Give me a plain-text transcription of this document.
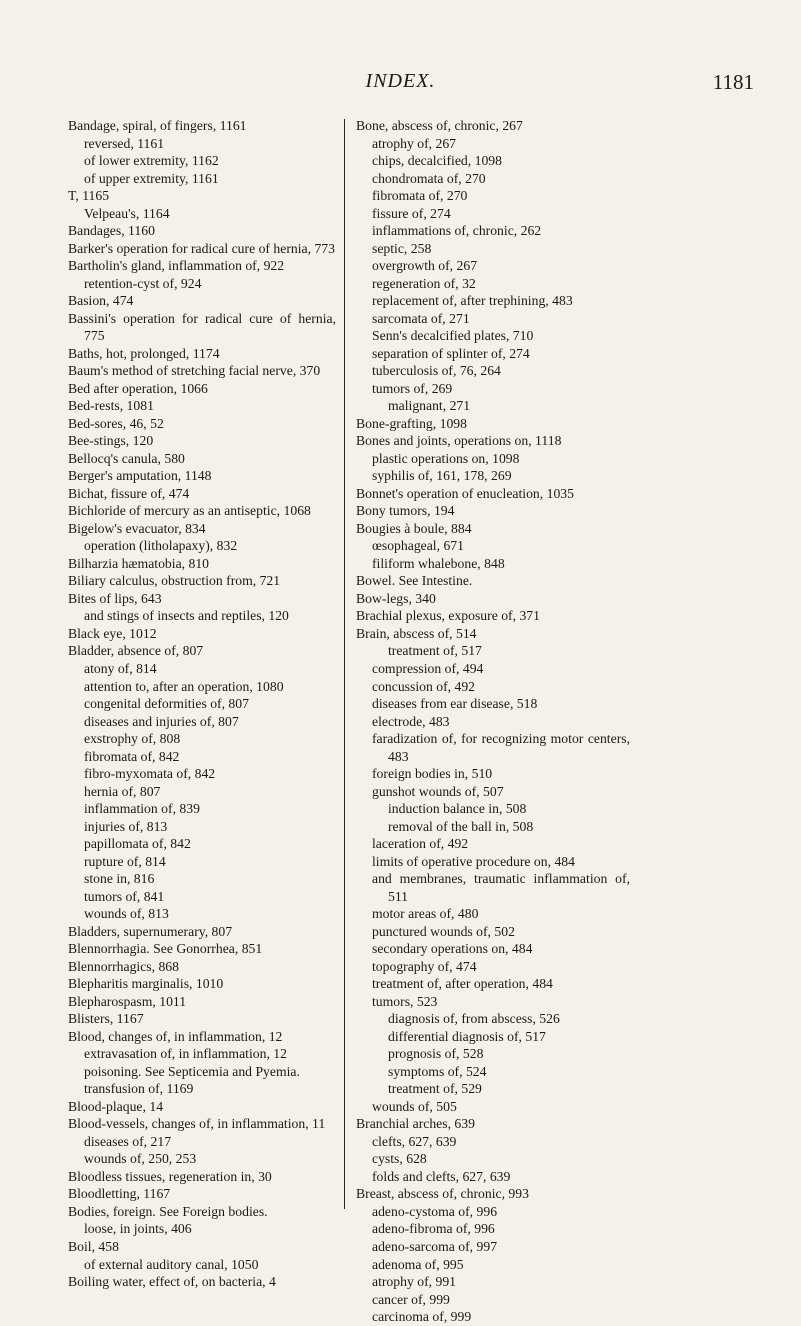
INDEX.	1181
Bandage, spiral, of fingers, 1161
reversed, 1161
of lower extremity, 1162
of upper extremity, 1161
T, 1165
Velpeau's, 1164
Bandages, 1160
Barker's operation for radical cure of hernia, 773
Bartholin's gland, inflammation of, 922
retention-cyst of, 924
Basion, 474
Bassini's operation for radical cure of hernia, 775
Baths, hot, prolonged, 1174
Baum's method of stretching facial nerve, 370
Bed after operation, 1066
Bed-rests, 1081
Bed-sores, 46, 52
Bee-stings, 120
Bellocq's canula, 580
Berger's amputation, 1148
Bichat, fissure of, 474
Bichloride of mercury as an antiseptic, 1068
Bigelow's evacuator, 834
operation (litholapaxy), 832
Bilharzia hæmatobia, 810
Biliary calculus, obstruction from, 721
Bites of lips, 643
and stings of insects and reptiles, 120
Black eye, 1012
Bladder, absence of, 807
atony of, 814
attention to, after an operation, 1080
congenital deformities of, 807
diseases and injuries of, 807
exstrophy of, 808
fibromata of, 842
fibro-myxomata of, 842
hernia of, 807
inflammation of, 839
injuries of, 813
papillomata of, 842
rupture of, 814
stone in, 816
tumors of, 841
wounds of, 813
Bladders, supernumerary, 807
Blennorrhagia. See Gonorrhea, 851
Blennorrhagics, 868
Blepharitis marginalis, 1010
Blepharospasm, 1011
Blisters, 1167
Blood, changes of, in inflammation, 12
extravasation of, in inflammation, 12
poisoning. See Septicemia and Pyemia.
transfusion of, 1169
Blood-plaque, 14
Blood-vessels, changes of, in inflammation, 11
diseases of, 217
wounds of, 250, 253
Bloodless tissues, regeneration in, 30
Bloodletting, 1167
Bodies, foreign. See Foreign bodies.
loose, in joints, 406
Boil, 458
of external auditory canal, 1050
Boiling water, effect of, on bacteria, 4
Bone, abscess of, chronic, 267
atrophy of, 267
chips, decalcified, 1098
chondromata of, 270
fibromata of, 270
fissure of, 274
inflammations of, chronic, 262
septic, 258
overgrowth of, 267
regeneration of, 32
replacement of, after trephining, 483
sarcomata of, 271
Senn's decalcified plates, 710
separation of splinter of, 274
tuberculosis of, 76, 264
tumors of, 269
malignant, 271
Bone-grafting, 1098
Bones and joints, operations on, 1118
plastic operations on, 1098
syphilis of, 161, 178, 269
Bonnet's operation of enucleation, 1035
Bony tumors, 194
Bougies à boule, 884
œsophageal, 671
filiform whalebone, 848
Bowel. See Intestine.
Bow-legs, 340
Brachial plexus, exposure of, 371
Brain, abscess of, 514
treatment of, 517
compression of, 494
concussion of, 492
diseases from ear disease, 518
electrode, 483
faradization of, for recognizing motor centers, 483
foreign bodies in, 510
gunshot wounds of, 507
induction balance in, 508
removal of the ball in, 508
laceration of, 492
limits of operative procedure on, 484
and membranes, traumatic inflammation of, 511
motor areas of, 480
punctured wounds of, 502
secondary operations on, 484
topography of, 474
treatment of, after operation, 484
tumors, 523
diagnosis of, from abscess, 526
differential diagnosis of, 517
prognosis of, 528
symptoms of, 524
treatment of, 529
wounds of, 505
Branchial arches, 639
clefts, 627, 639
cysts, 628
folds and clefts, 627, 639
Breast, abscess of, chronic, 993
adeno-cystoma of, 996
adeno-fibroma of, 996
adeno-sarcoma of, 997
adenoma of, 995
atrophy of, 991
cancer of, 999
carcinoma of, 999
